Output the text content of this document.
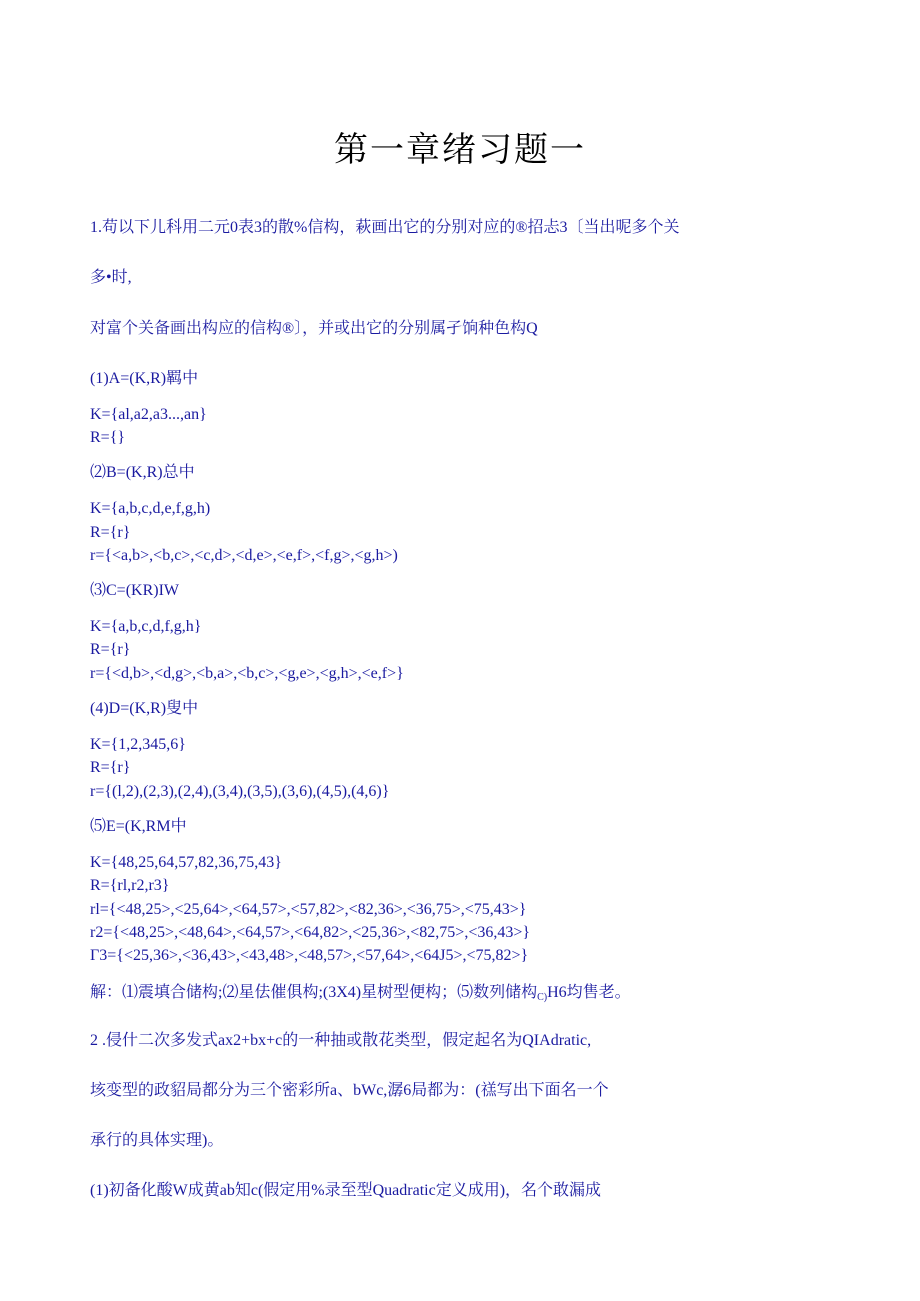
第一章绪习题一
1.苟以下儿科用二元0表3的散%信构，萩画出它的分别对应的®招忐3〔当出呢多个关
多•时,
对富个关备画出构应的信构®〕，并或出它的分别属孑饷种色构Q
(1)A=(K,R)羁中
K={al,a2,a3...,an}
R={}
⑵B=(K,R)总中
K={a,b,c,d,e,f,g,h)
R={r}
r={<a,b>,<b,c>,<c,d>,<d,e>,<e,f>,<f,g>,<g,h>)
⑶C=(KR)IW
K={a,b,c,d,f,g,h}
R={r}
r={<d,b>,<d,g>,<b,a>,<b,c>,<g,e>,<g,h>,<e,f>}
(4)D=(K,R)叟中
K={1,2,345,6}
R={r}
r={(l,2),(2,3),(2,4),(3,4),(3,5),(3,6),(4,5),(4,6)}
⑸E=(K,RM中
K={48,25,64,57,82,36,75,43}
R={rl,r2,r3}
rl={<48,25>,<25,64>,<64,57>,<57,82>,<82,36>,<36,75>,<75,43>}
r2={<48,25>,<48,64>,<64,57>,<64,82>,<25,36>,<82,75>,<36,43>}
Γ3={<25,36>,<36,43>,<43,48>,<48,57>,<57,64>,<64J5>,<75,82>}
解：⑴震填合储构;⑵星佉催俱构;(3X4)星树型便构；⑸数列储构$_{C)}$H6均售老。
2 .侵什二次多发式ax2+bx+c的一种抽或散花类型，假定起名为QIAdratic,
垓变型的政貂局都分为三个密彩所a、bWc,潺6局都为：(禚写出下面名一个
承行的具体实理)。
(1)初备化酸W成黄ab知c(假定用%录至型Quadratic定义成用)，名个敢漏成
